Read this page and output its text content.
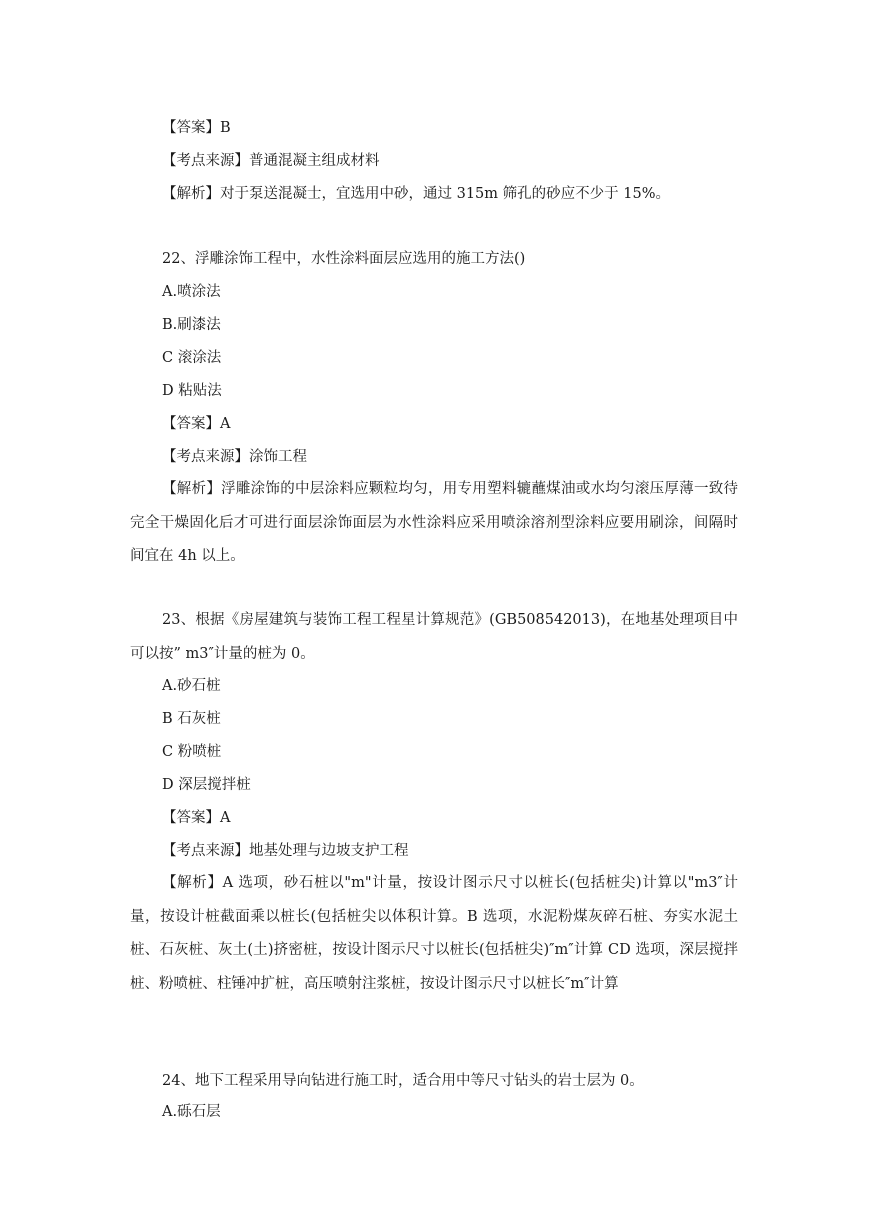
【答案】B
【考点来源】普通混凝主组成材料
【解析】对于泵送混凝士，宜选用中砂，通过 315m 筛孔的砂应不少于 15%。
22、浮雕涂饰工程中，水性涂料面层应选用的施工方法()
A.喷涂法
B.刷漆法
C 滚涂法
D 粘贴法
【答案】A
【考点来源】涂饰工程
【解析】浮雕涂饰的中层涂料应颗粒均匀，用专用塑料辘蘸煤油或水均匀滚压厚薄一致待完全干燥固化后才可进行面层涂饰面层为水性涂料应采用喷涂溶剂型涂料应要用刷涂，间隔时间宜在 4h 以上。
23、根据《房屋建筑与装饰工程工程星计算规范》(GB508542013)，在地基处理项目中可以按” m3″计量的桩为 0。
A.砂石桩
B 石灰桩
C 粉喷桩
D 深层搅拌桩
【答案】A
【考点来源】地基处理与边坡支护工程
【解析】A 选项，砂石桩以"m"计量，按设计图示尺寸以桩长(包括桩尖)计算以"m3″计量，按设计桩截面乘以桩长(包括桩尖以体积计算。B 选项，水泥粉煤灰碎石桩、夯实水泥土桩、石灰桩、灰土(土)挤密桩，按设计图示尺寸以桩长(包括桩尖)″m″计算 CD 选项，深层搅拌桩、粉喷桩、柱锤冲扩桩，高压喷射注浆桩，按设计图示尺寸以桩长″m″计算
24、地下工程采用导向钻进行施工时，适合用中等尺寸钻头的岩士层为 0。
A.砾石层
